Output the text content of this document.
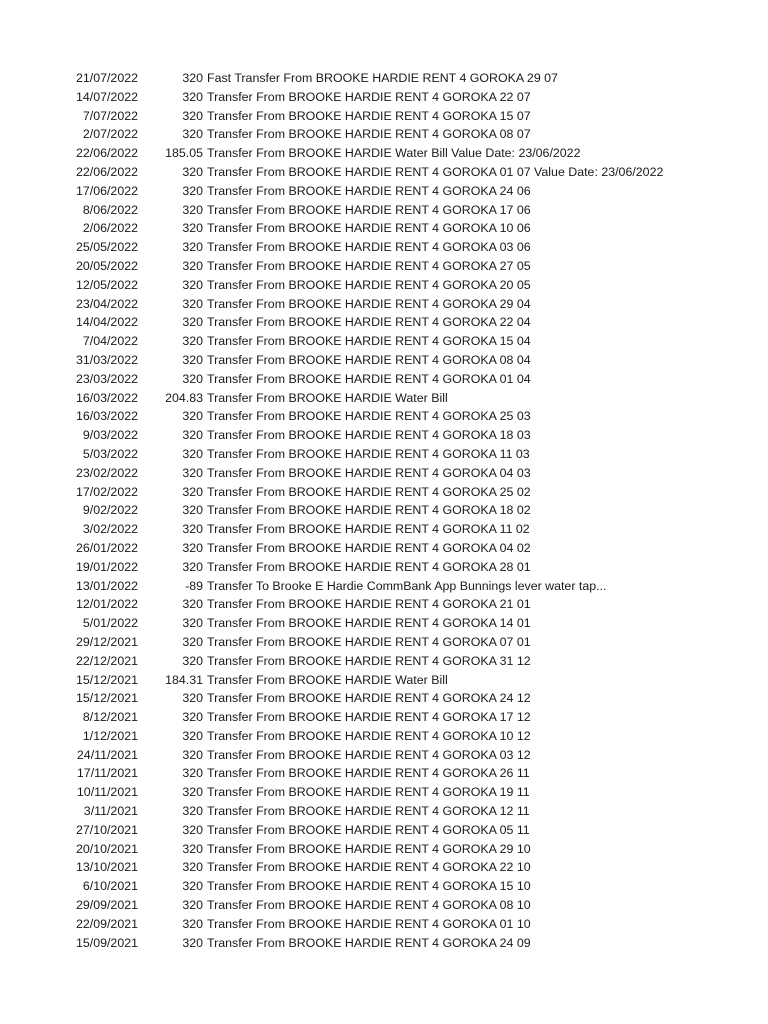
21/07/2022	320 Fast Transfer From BROOKE HARDIE RENT 4 GOROKA 29 07
14/07/2022	320 Transfer From BROOKE HARDIE RENT 4 GOROKA 22 07
7/07/2022	320 Transfer From BROOKE HARDIE RENT 4 GOROKA 15 07
2/07/2022	320 Transfer From BROOKE HARDIE RENT 4 GOROKA 08 07
22/06/2022	185.05 Transfer From BROOKE HARDIE Water Bill Value Date: 23/06/2022
22/06/2022	320 Transfer From BROOKE HARDIE RENT 4 GOROKA 01 07 Value Date: 23/06/2022
17/06/2022	320 Transfer From BROOKE HARDIE RENT 4 GOROKA 24 06
8/06/2022	320 Transfer From BROOKE HARDIE RENT 4 GOROKA 17 06
2/06/2022	320 Transfer From BROOKE HARDIE RENT 4 GOROKA 10 06
25/05/2022	320 Transfer From BROOKE HARDIE RENT 4 GOROKA 03 06
20/05/2022	320 Transfer From BROOKE HARDIE RENT 4 GOROKA 27 05
12/05/2022	320 Transfer From BROOKE HARDIE RENT 4 GOROKA 20 05
23/04/2022	320 Transfer From BROOKE HARDIE RENT 4 GOROKA 29 04
14/04/2022	320 Transfer From BROOKE HARDIE RENT 4 GOROKA 22 04
7/04/2022	320 Transfer From BROOKE HARDIE RENT 4 GOROKA 15 04
31/03/2022	320 Transfer From BROOKE HARDIE RENT 4 GOROKA 08 04
23/03/2022	320 Transfer From BROOKE HARDIE RENT 4 GOROKA 01 04
16/03/2022	204.83 Transfer From BROOKE HARDIE Water Bill
16/03/2022	320 Transfer From BROOKE HARDIE RENT 4 GOROKA 25 03
9/03/2022	320 Transfer From BROOKE HARDIE RENT 4 GOROKA 18 03
5/03/2022	320 Transfer From BROOKE HARDIE RENT 4 GOROKA 11 03
23/02/2022	320 Transfer From BROOKE HARDIE RENT 4 GOROKA 04 03
17/02/2022	320 Transfer From BROOKE HARDIE RENT 4 GOROKA 25 02
9/02/2022	320 Transfer From BROOKE HARDIE RENT 4 GOROKA 18 02
3/02/2022	320 Transfer From BROOKE HARDIE RENT 4 GOROKA 11 02
26/01/2022	320 Transfer From BROOKE HARDIE RENT 4 GOROKA 04 02
19/01/2022	320 Transfer From BROOKE HARDIE RENT 4 GOROKA 28 01
13/01/2022	-89 Transfer To Brooke E Hardie CommBank App Bunnings lever water tap...
12/01/2022	320 Transfer From BROOKE HARDIE RENT 4 GOROKA 21 01
5/01/2022	320 Transfer From BROOKE HARDIE RENT 4 GOROKA 14 01
29/12/2021	320 Transfer From BROOKE HARDIE RENT 4 GOROKA 07 01
22/12/2021	320 Transfer From BROOKE HARDIE RENT 4 GOROKA 31 12
15/12/2021	184.31 Transfer From BROOKE HARDIE Water Bill
15/12/2021	320 Transfer From BROOKE HARDIE RENT 4 GOROKA 24 12
8/12/2021	320 Transfer From BROOKE HARDIE RENT 4 GOROKA 17 12
1/12/2021	320 Transfer From BROOKE HARDIE RENT 4 GOROKA 10 12
24/11/2021	320 Transfer From BROOKE HARDIE RENT 4 GOROKA 03 12
17/11/2021	320 Transfer From BROOKE HARDIE RENT 4 GOROKA 26 11
10/11/2021	320 Transfer From BROOKE HARDIE RENT 4 GOROKA 19 11
3/11/2021	320 Transfer From BROOKE HARDIE RENT 4 GOROKA 12 11
27/10/2021	320 Transfer From BROOKE HARDIE RENT 4 GOROKA 05 11
20/10/2021	320 Transfer From BROOKE HARDIE RENT 4 GOROKA 29 10
13/10/2021	320 Transfer From BROOKE HARDIE RENT 4 GOROKA 22 10
6/10/2021	320 Transfer From BROOKE HARDIE RENT 4 GOROKA 15 10
29/09/2021	320 Transfer From BROOKE HARDIE RENT 4 GOROKA 08 10
22/09/2021	320 Transfer From BROOKE HARDIE RENT 4 GOROKA 01 10
15/09/2021	320 Transfer From BROOKE HARDIE RENT 4 GOROKA 24 09
